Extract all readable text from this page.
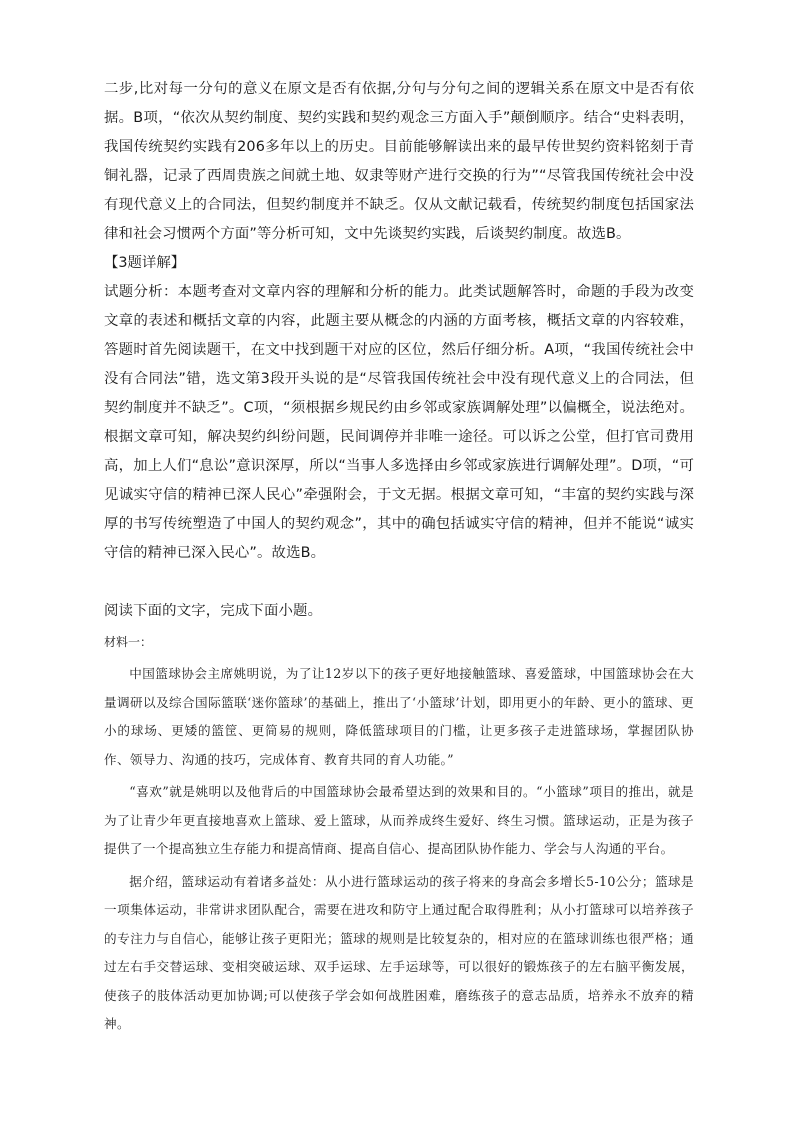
二步,比对每一分句的意义在原文是否有依据,分句与分句之间的逻辑关系在原文中是否有依据。B项，“依次从契约制度、契约实践和契约观念三方面入手”颠倒顺序。结合“史料表明，我国传统契约实践有206多年以上的历史。目前能够解读出来的最早传世契约资料铭刻于青铜礼器，记录了西周贵族之间就土地、奴隶等财产进行交换的行为”“尽管我国传统社会中没有现代意义上的合同法，但契约制度并不缺乏。仅从文献记载看，传统契约制度包括国家法律和社会习惯两个方面”等分析可知，文中先谈契约实践，后谈契约制度。故选B。

【3题详解】

试题分析：本题考查对文章内容的理解和分析的能力。此类试题解答时，命题的手段为改变文章的表述和概括文章的内容，此题主要从概念的内涵的方面考核，概括文章的内容较难，答题时首先阅读题干，在文中找到题干对应的区位，然后仔细分析。A项，“我国传统社会中没有合同法”错，选文第3段开头说的是“尽管我国传统社会中没有现代意义上的合同法，但契约制度并不缺乏”。C项，“须根据乡规民约由乡邻或家族调解处理”以偏概全，说法绝对。根据文章可知，解决契约纠纷问题，民间调停并非唯一途径。可以诉之公堂，但打官司费用高，加上人们“息讼”意识深厚，所以“当事人多选择由乡邻或家族进行调解处理”。D项，“可见诚实守信的精神已深人民心”牵强附会，于文无据。根据文章可知，“丰富的契约实践与深厚的书写传统塑造了中国人的契约观念”，其中的确包括诚实守信的精神，但并不能说“诚实守信的精神已深入民心”。故选B。

阅读下面的文字，完成下面小题。

材料一：

中国篮球协会主席姚明说，为了让12岁以下的孩子更好地接触篮球、喜爱篮球，中国篮球协会在大量调研以及综合国际篮联‘迷你篮球’的基础上，推出了‘小篮球’计划，即用更小的年龄、更小的篮球、更小的球场、更矮的篮筐、更简易的规则，降低篮球项目的门槛，让更多孩子走进篮球场，掌握团队协作、领导力、沟通的技巧，完成体育、教育共同的育人功能。”

“喜欢”就是姚明以及他背后的中国篮球协会最希望达到的效果和目的。“小篮球”项目的推出，就是为了让青少年更直接地喜欢上篮球、爱上篮球，从而养成终生爱好、终生习惯。篮球运动，正是为孩子提供了一个提高独立生存能力和提高情商、提高自信心、提高团队协作能力、学会与人沟通的平台。

据介绍，篮球运动有着诸多益处：从小进行篮球运动的孩子将来的身高会多增长5-10公分；篮球是一项集体运动，非常讲求团队配合，需要在进攻和防守上通过配合取得胜利；从小打篮球可以培养孩子的专注力与自信心，能够让孩子更阳光；篮球的规则是比较复杂的，相对应的在篮球训练也很严格；通过左右手交替运球、变相突破运球、双手运球、左手运球等，可以很好的锻炼孩子的左右脑平衡发展，使孩子的肢体活动更加协调;可以使孩子学会如何战胜困难，磨练孩子的意志品质，培养永不放弃的精神。
